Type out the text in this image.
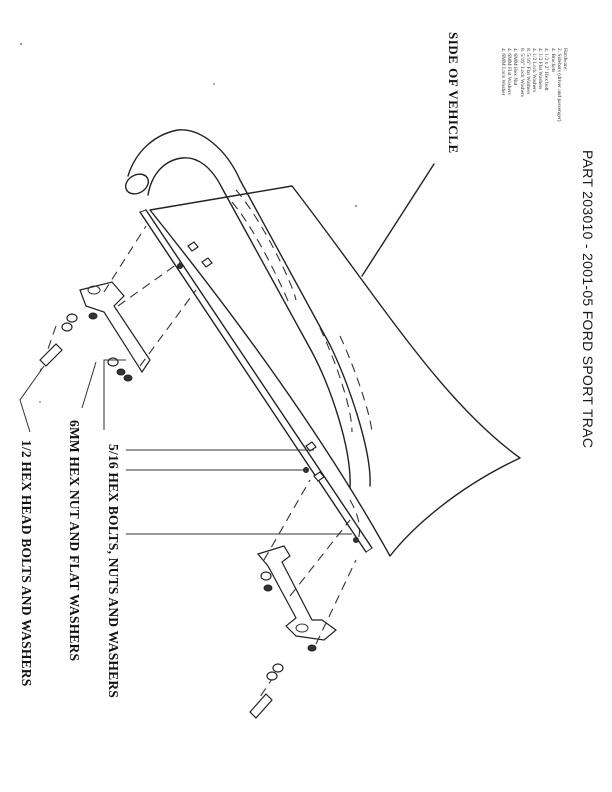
PART 203010 - 2001-05 FORD SPORT TRAC
SIDE OF VEHICLE	Hardware:
2. Sidebars (driver and passenger)
4. Brackets
4. 1/2 x 2" Hex bolt
4. 1/2 Flat Washers
4. 1/2 Lock Washers
8. 5/16" Flat Washers
8. 5/16" Lock Washers
4. 6MM Hex Nut
4. 6MM Flat Washers
4. 6MM Lock Washer
5/16 HEX BOLTS, NUTS AND WASHERS
6MM HEX NUT AND FLAT WASHERS
1/2 HEX HEAD BOLTS AND WASHERS
